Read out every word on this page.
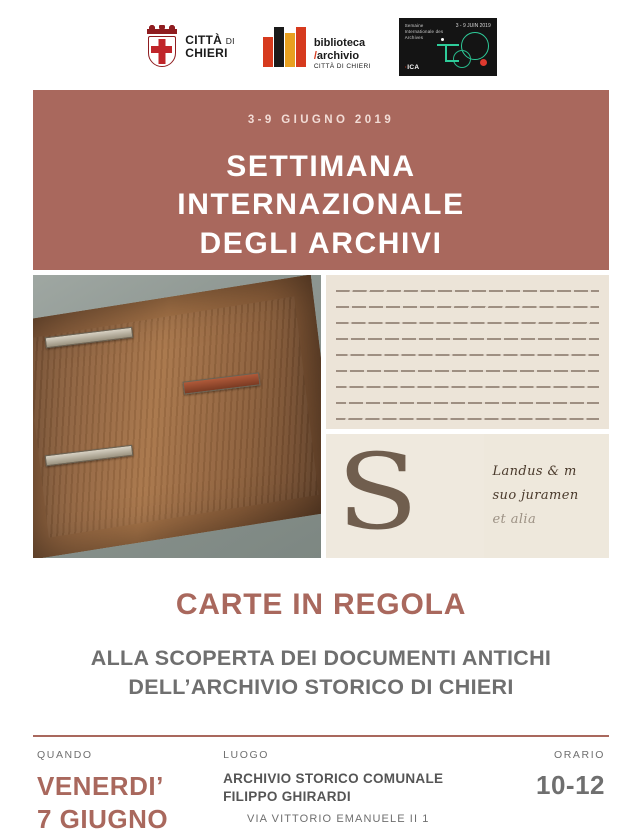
CITTÀ DI
CHIERI
biblioteca
/archivio
CITTÀ DI CHIERI
Semaine Internationale des Archives
3 - 9 JUIN 2019
·ICA
3-9 GIUGNO 2019
SETTIMANA
INTERNAZIONALE
DEGLI ARCHIVI
S	Landus & m
suo juramen
et alia
CARTE IN REGOLA
ALLA SCOPERTA DEI DOCUMENTI ANTICHI
DELL’ARCHIVIO STORICO DI CHIERI
QUANDO
VENERDI’
7 GIUGNO
LUOGO
ARCHIVIO STORICO COMUNALE
FILIPPO GHIRARDI
VIA VITTORIO EMANUELE II 1
ORARIO
10-12
